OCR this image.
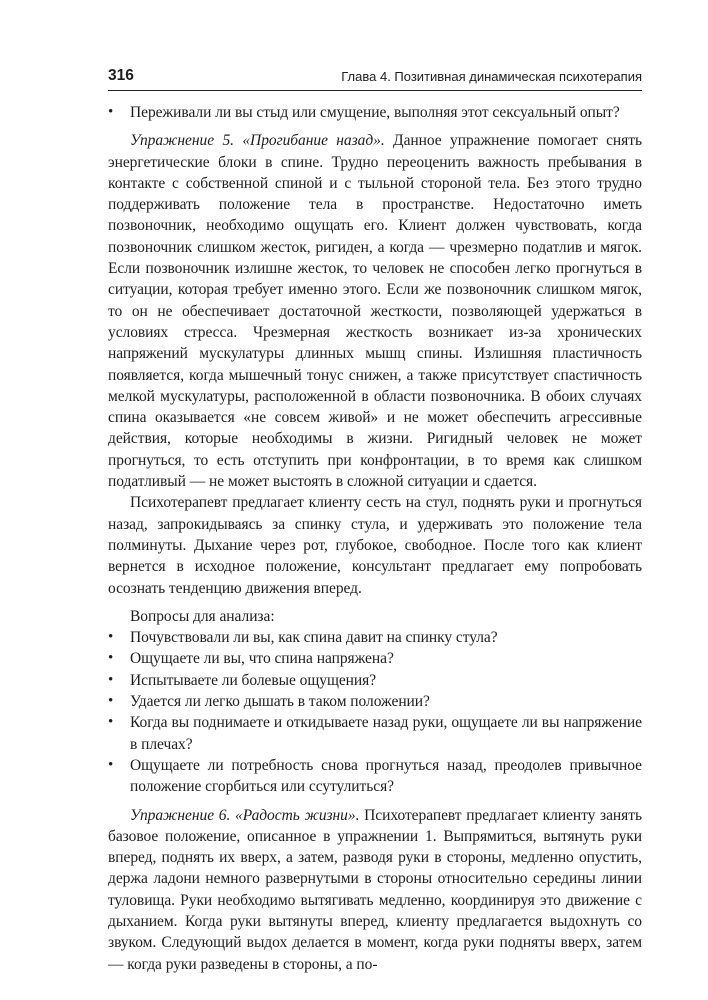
316	Глава 4. Позитивная динамическая психотерапия
• Переживали ли вы стыд или смущение, выполняя этот сексуальный опыт?

Упражнение 5. «Прогибание назад». Данное упражнение помогает снять энергетические блоки в спине. Трудно переоценить важность пребывания в контакте с собственной спиной и с тыльной стороной тела. Без этого трудно поддерживать положение тела в пространстве. Недостаточно иметь позвоночник, необходимо ощущать его. Клиент должен чувствовать, когда позвоночник слишком жесток, ригиден, а когда — чрезмерно податлив и мягок. Если позвоночник излишне жесток, то человек не способен легко прогнуться в ситуации, которая требует именно этого. Если же позвоночник слишком мягок, то он не обеспечивает достаточной жесткости, позволяющей удержаться в условиях стресса. Чрезмерная жесткость возникает из-за хронических напряжений мускулатуры длинных мышц спины. Излишняя пластичность появляется, когда мышечный тонус снижен, а также присутствует спастичность мелкой мускулатуры, расположенной в области позвоночника. В обоих случаях спина оказывается «не совсем живой» и не может обеспечить агрессивные действия, которые необходимы в жизни. Ригидный человек не может прогнуться, то есть отступить при конфронтации, в то время как слишком податливый — не может выстоять в сложной ситуации и сдается.

Психотерапевт предлагает клиенту сесть на стул, поднять руки и прогнуться назад, запрокидываясь за спинку стула, и удерживать это положение тела полминуты. Дыхание через рот, глубокое, свободное. После того как клиент вернется в исходное положение, консультант предлагает ему попробовать осознать тенденцию движения вперед.

Вопросы для анализа:

• Почувствовали ли вы, как спина давит на спинку стула?
• Ощущаете ли вы, что спина напряжена?
• Испытываете ли болевые ощущения?
• Удается ли легко дышать в таком положении?
• Когда вы поднимаете и откидываете назад руки, ощущаете ли вы напряжение в плечах?
• Ощущаете ли потребность снова прогнуться назад, преодолев привычное положение сгорбиться или ссутулиться?

Упражнение 6. «Радость жизни». Психотерапевт предлагает клиенту занять базовое положение, описанное в упражнении 1. Выпрямиться, вытянуть руки вперед, поднять их вверх, а затем, разводя руки в стороны, медленно опустить, держа ладони немного развернутыми в стороны относительно середины линии туловища. Руки необходимо вытягивать медленно, координируя это движение с дыханием. Когда руки вытянуты вперед, клиенту предлагается выдохнуть со звуком. Следующий выдох делается в момент, когда руки подняты вверх, затем — когда руки разведены в стороны, а по-
